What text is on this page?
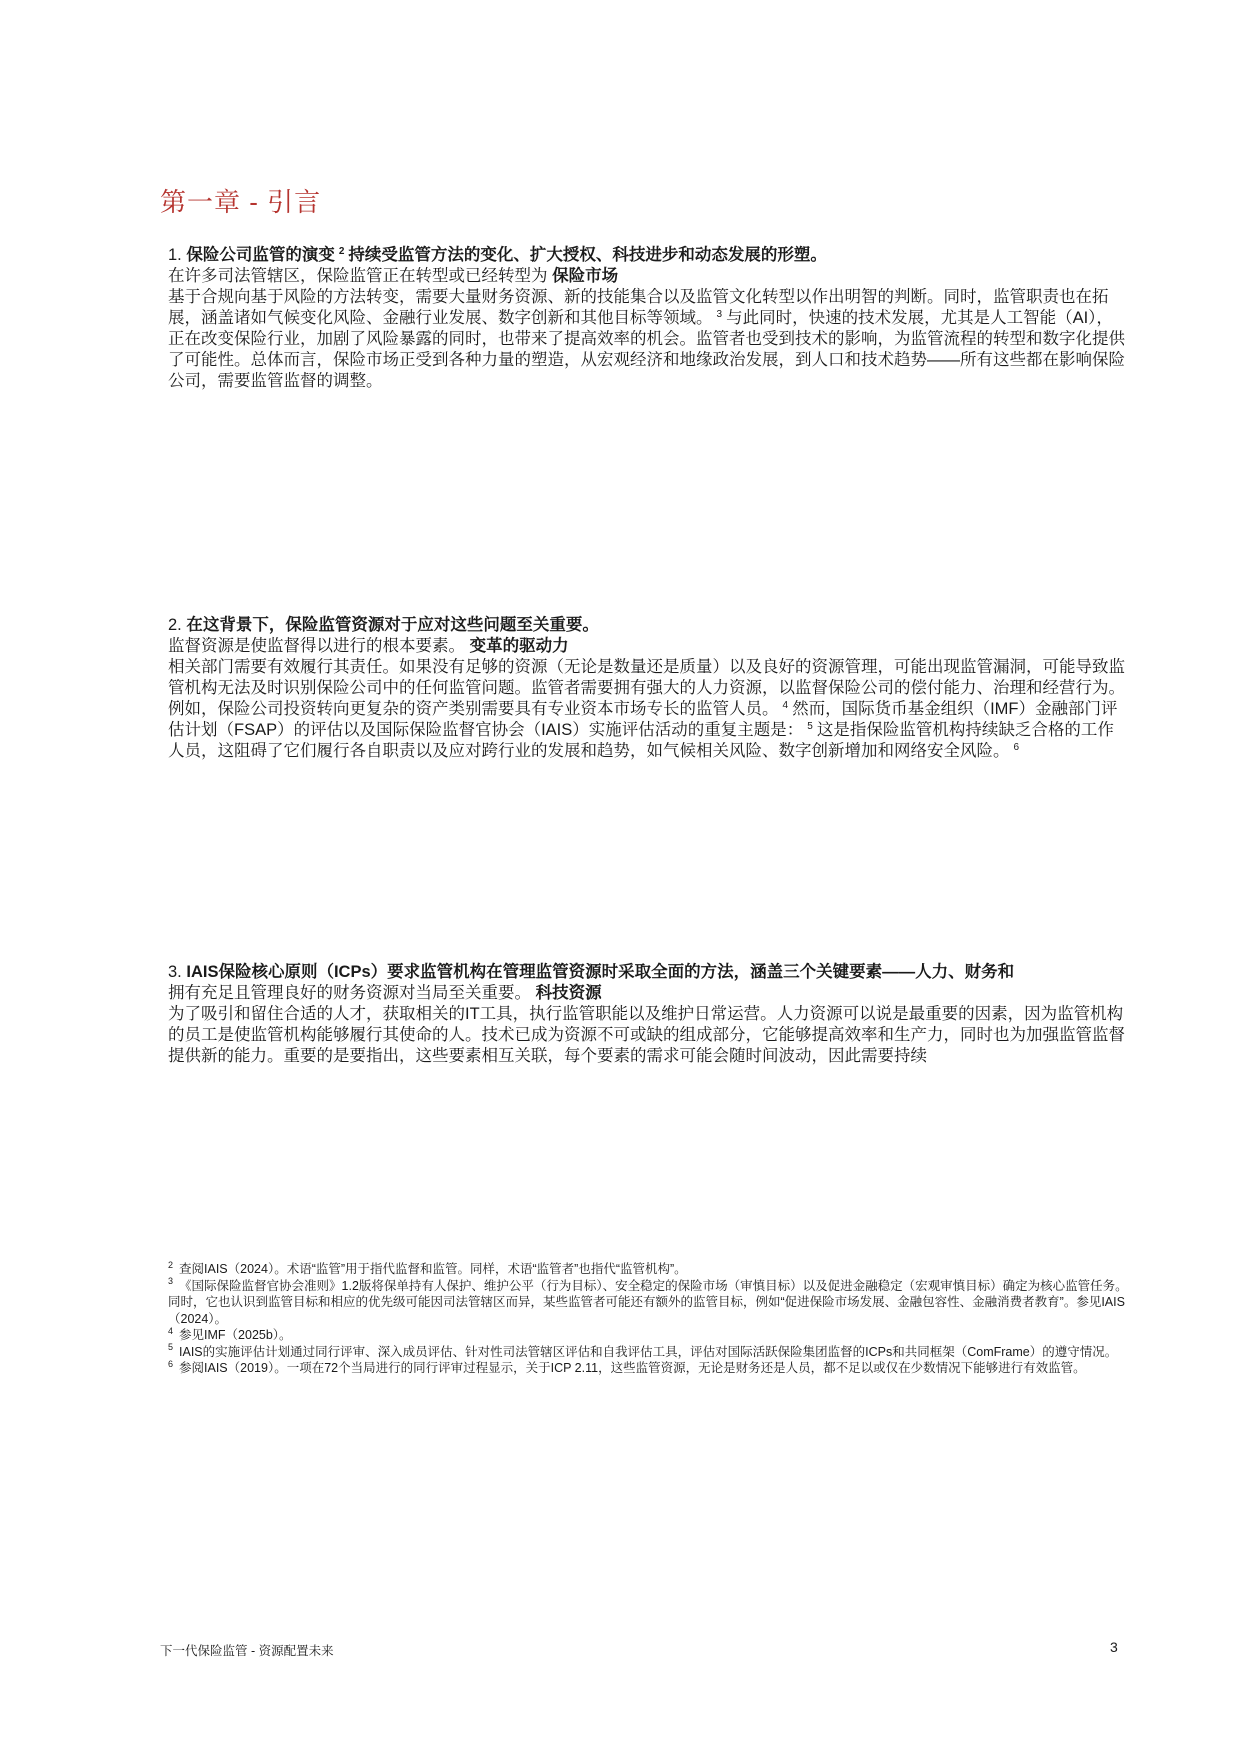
第一章 - 引言

1. 保险公司监管的演变 $^2$ 持续受监管方法的变化、扩大授权、科技进步和动态发展的形塑。

在许多司法管辖区，保险监管正在转型或已经转型为 保险市场

基于合规向基于风险的方法转变，需要大量财务资源、新的技能集合以及监管文化转型以作出明智的判断。同时，监管职责也在拓展，涵盖诸如气候变化风险、金融行业发展、数字创新和其他目标等领域。 $^3$ 与此同时，快速的技术发展，尤其是人工智能（AI），正在改变保险行业，加剧了风险暴露的同时，也带来了提高效率的机会。监管者也受到技术的影响，为监管流程的转型和数字化提供了可能性。总体而言，保险市场正受到各种力量的塑造，从宏观经济和地缘政治发展，到人口和技术趋势——所有这些都在影响保险公司，需要监管监督的调整。

2. 在这背景下，保险监管资源对于应对这些问题至关重要。

监督资源是使监督得以进行的根本要素。 变革的驱动力

相关部门需要有效履行其责任。如果没有足够的资源（无论是数量还是质量）以及良好的资源管理，可能出现监管漏洞，可能导致监管机构无法及时识别保险公司中的任何监管问题。监管者需要拥有强大的人力资源，以监督保险公司的偿付能力、治理和经营行为。例如，保险公司投资转向更复杂的资产类别需要具有专业资本市场专长的监管人员。 $^4$ 然而，国际货币基金组织（IMF）金融部门评估计划（FSAP）的评估以及国际保险监督官协会（IAIS）实施评估活动的重复主题是： $^5$ 这是指保险监管机构持续缺乏合格的工作人员，这阻碍了它们履行各自职责以及应对跨行业的发展和趋势，如气候相关风险、数字创新增加和网络安全风险。 $^6$

3. IAIS保险核心原则（ICPs）要求监管机构在管理监管资源时采取全面的方法，涵盖三个关键要素——人力、财务和

拥有充足且管理良好的财务资源对当局至关重要。 科技资源

为了吸引和留住合适的人才，获取相关的IT工具，执行监管职能以及维护日常运营。人力资源可以说是最重要的因素，因为监管机构的员工是使监管机构能够履行其使命的人。技术已成为资源不可或缺的组成部分，它能够提高效率和生产力，同时也为加强监管监督提供新的能力。重要的是要指出，这些要素相互关联，每个要素的需求可能会随时间波动，因此需要持续

$^2$ 查阅IAIS（2024）。术语“监管”用于指代监督和监管。同样，术语“监管者”也指代“监管机构”。

$^3$ 《国际保险监督官协会准则》1.2版将保单持有人保护、维护公平（行为目标）、安全稳定的保险市场（审慎目标）以及促进金融稳定（宏观审慎目标）确定为核心监管任务。同时，它也认识到监管目标和相应的优先级可能因司法管辖区而异，某些监管者可能还有额外的监管目标，例如“促进保险市场发展、金融包容性、金融消费者教育”。参见IAIS（2024）。

$^4$ 参见IMF（2025b）。

$^5$ IAIS的实施评估计划通过同行评审、深入成员评估、针对性司法管辖区评估和自我评估工具，评估对国际活跃保险集团监督的ICPs和共同框架（ComFrame）的遵守情况。

$^6$ 参阅IAIS（2019）。一项在72个当局进行的同行评审过程显示，关于ICP 2.11，这些监管资源，无论是财务还是人员，都不足以或仅在少数情况下能够进行有效监管。

下一代保险监管 - 资源配置未来	3
